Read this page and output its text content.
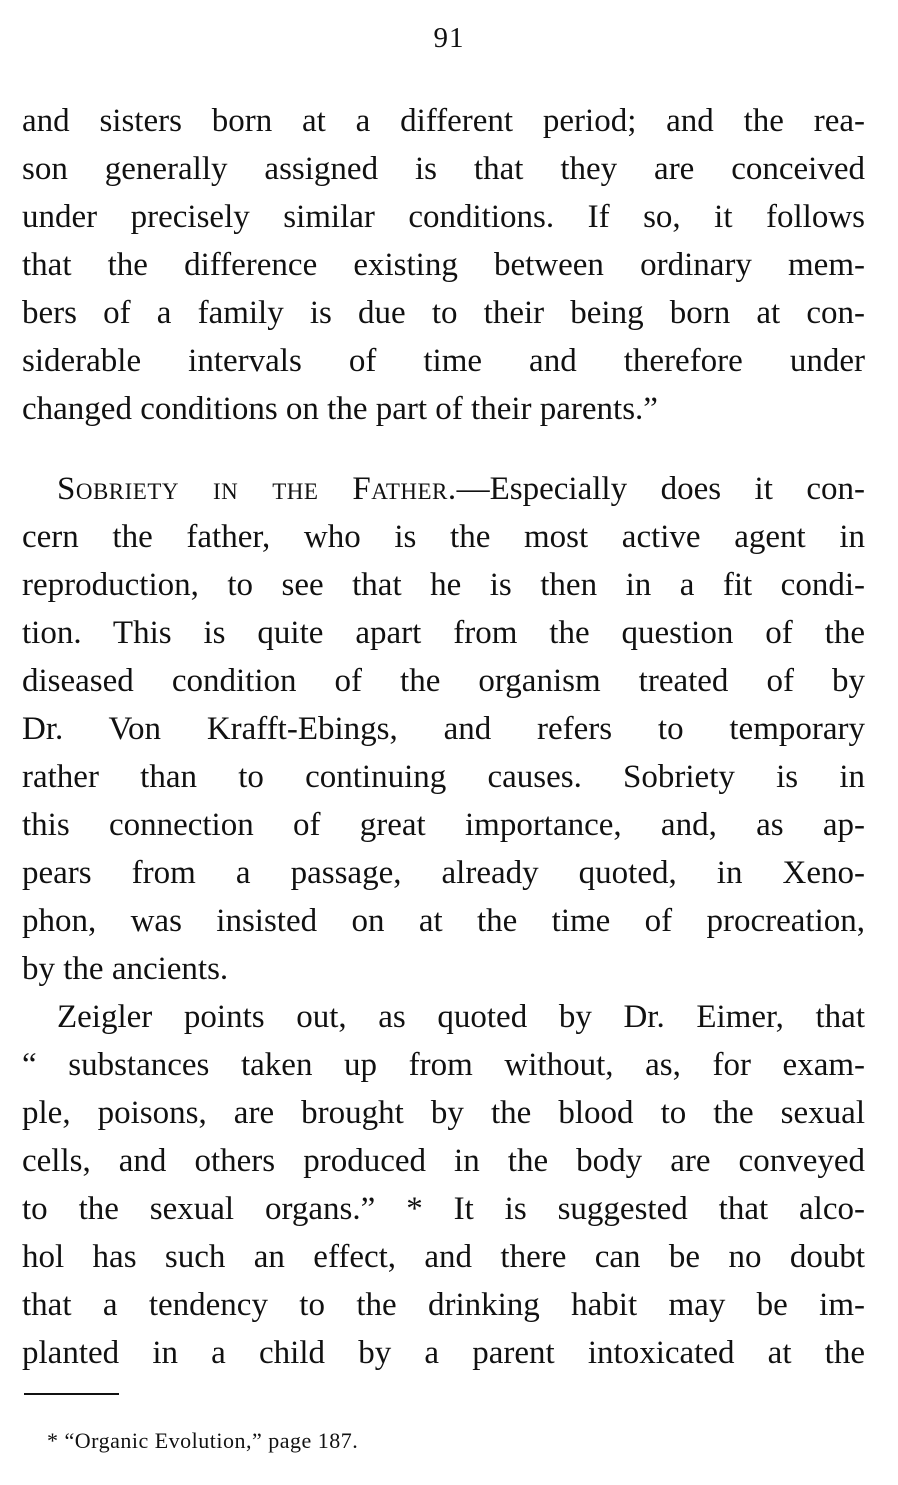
91
and sisters born at a different period; and the rea-
son generally assigned is that they are conceived
under precisely similar conditions. If so, it follows
that the difference existing between ordinary mem-
bers of a family is due to their being born at con-
siderable intervals of time and therefore under
changed conditions on the part of their parents.”
Sobriety in the Father.—Especially does it con-
cern the father, who is the most active agent in
reproduction, to see that he is then in a fit condi-
tion. This is quite apart from the question of the
diseased condition of the organism treated of by
Dr. Von Krafft-Ebings, and refers to temporary
rather than to continuing causes. Sobriety is in
this connection of great importance, and, as ap-
pears from a passage, already quoted, in Xeno-
phon, was insisted on at the time of procreation,
by the ancients.
Zeigler points out, as quoted by Dr. Eimer, that
“ substances taken up from without, as, for exam-
ple, poisons, are brought by the blood to the sexual
cells, and others produced in the body are conveyed
to the sexual organs.” * It is suggested that alco-
hol has such an effect, and there can be no doubt
that a tendency to the drinking habit may be im-
planted in a child by a parent intoxicated at the
* “Organic Evolution,” page 187.
